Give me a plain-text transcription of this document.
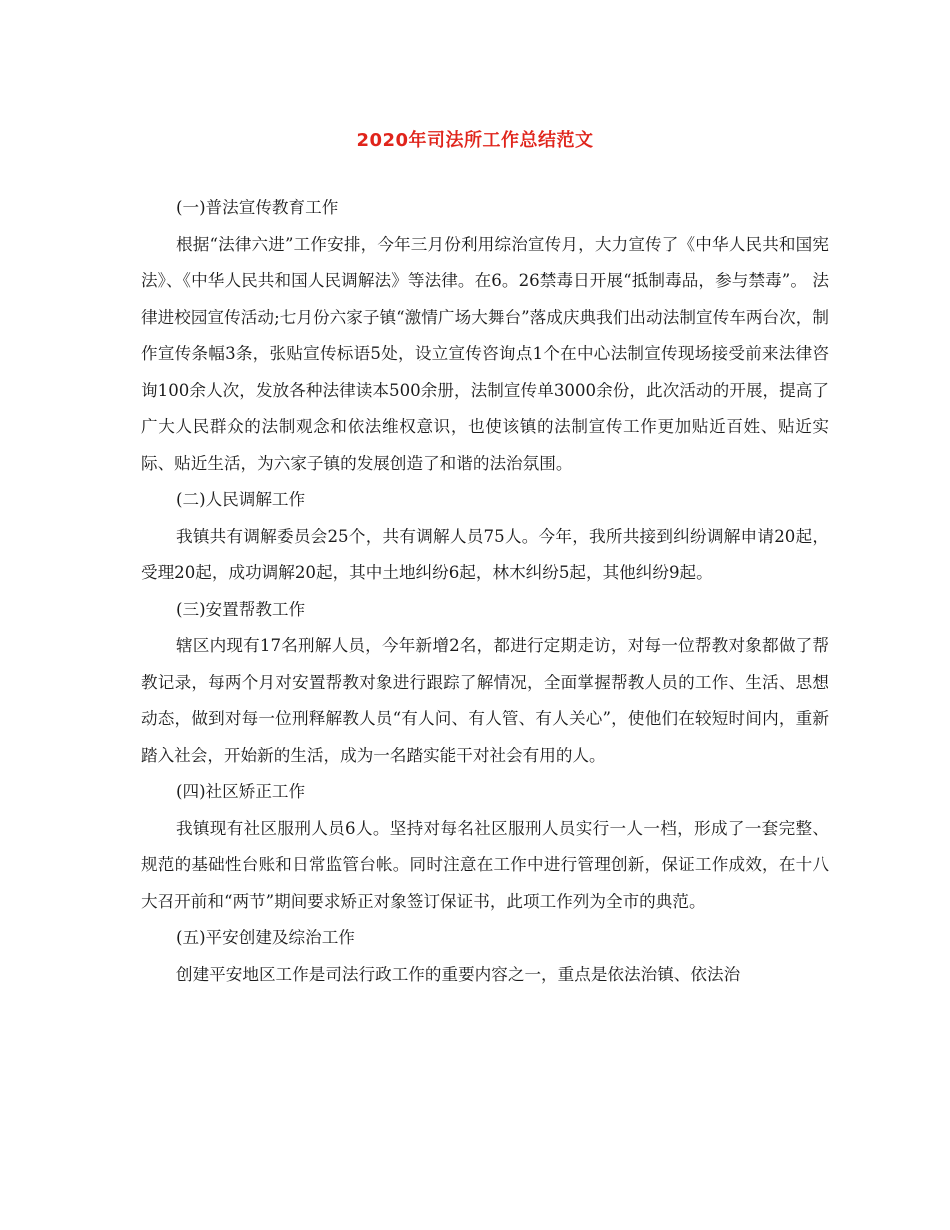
2020年司法所工作总结范文

(一)普法宣传教育工作

根据“法律六进”工作安排，今年三月份利用综治宣传月，大力宣传了《中华人民共和国宪法》、《中华人民共和国人民调解法》等法律。在6。26禁毒日开展“抵制毒品，参与禁毒”。 法律进校园宣传活动;七月份六家子镇“激情广场大舞台”落成庆典我们出动法制宣传车两台次，制作宣传条幅3条，张贴宣传标语5处，设立宣传咨询点1个在中心法制宣传现场接受前来法律咨询100余人次，发放各种法律读本500余册，法制宣传单3000余份，此次活动的开展，提高了广大人民群众的法制观念和依法维权意识，也使该镇的法制宣传工作更加贴近百姓、贴近实际、贴近生活，为六家子镇的发展创造了和谐的法治氛围。

(二)人民调解工作

我镇共有调解委员会25个，共有调解人员75人。今年，我所共接到纠纷调解申请20起，受理20起，成功调解20起，其中土地纠纷6起，林木纠纷5起，其他纠纷9起。

(三)安置帮教工作

辖区内现有17名刑解人员，今年新增2名，都进行定期走访，对每一位帮教对象都做了帮教记录，每两个月对安置帮教对象进行跟踪了解情况，全面掌握帮教人员的工作、生活、思想动态，做到对每一位刑释解教人员“有人问、有人管、有人关心”，使他们在较短时间内，重新踏入社会，开始新的生活，成为一名踏实能干对社会有用的人。

(四)社区矫正工作

我镇现有社区服刑人员6人。坚持对每名社区服刑人员实行一人一档，形成了一套完整、规范的基础性台账和日常监管台帐。同时注意在工作中进行管理创新，保证工作成效，在十八大召开前和“两节”期间要求矫正对象签订保证书，此项工作列为全市的典范。

(五)平安创建及综治工作

创建平安地区工作是司法行政工作的重要内容之一，重点是依法治镇、依法治
